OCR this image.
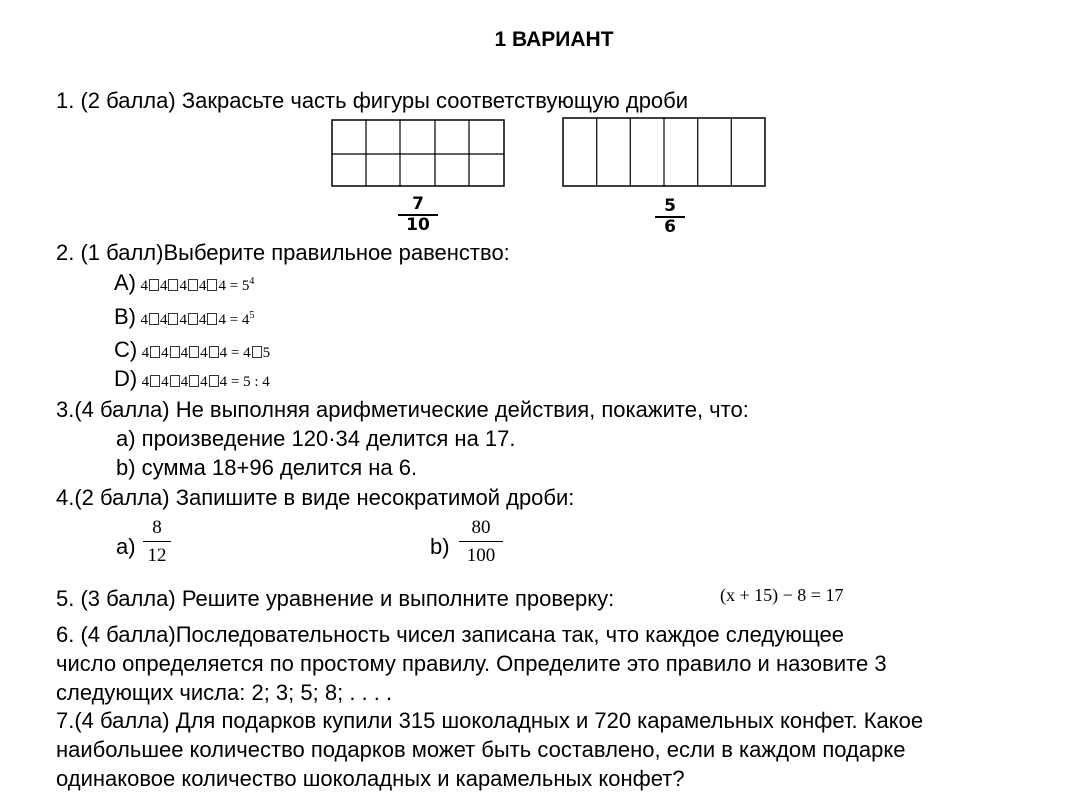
1 ВАРИАНТ
1. (2 балла) Закрасьте часть фигуры соответствующую дроби
$\frac{7}{10}$	$\frac{5}{6}$
2. (1 балл)Выберите правильное равенство:
A) 4 4 4 4 $4 = 5^4$
B) 4 4 4 4 $4 = 4^5$
C) 4 4 4 4 4 = 4 5
D) 4 4 4 4 4 = 5 : 4
3.(4 балла) Не выполняя арифметические действия, покажите, что:
a) произведение 120·34 делится на 17.
b) сумма 18+96 делится на 6.
4.(2 балла) Запишите в виде несократимой дроби:
$a) \frac{8}{12}$	$b) \frac{80}{100}$
5. (3 балла) Решите уравнение и выполните проверку:	(x + 15) − 8 = 17
6. (4 балла)Последовательность чисел записана так, что каждое следующее
число определяется по простому правилу. Определите это правило и назовите 3
следующих числа: 2; 3; 5; 8; . . . .
7.(4 балла) Для подарков купили 315 шоколадных и 720 карамельных конфет. Какое
наибольшее количество подарков может быть составлено, если в каждом подарке
одинаковое количество шоколадных и карамельных конфет?
